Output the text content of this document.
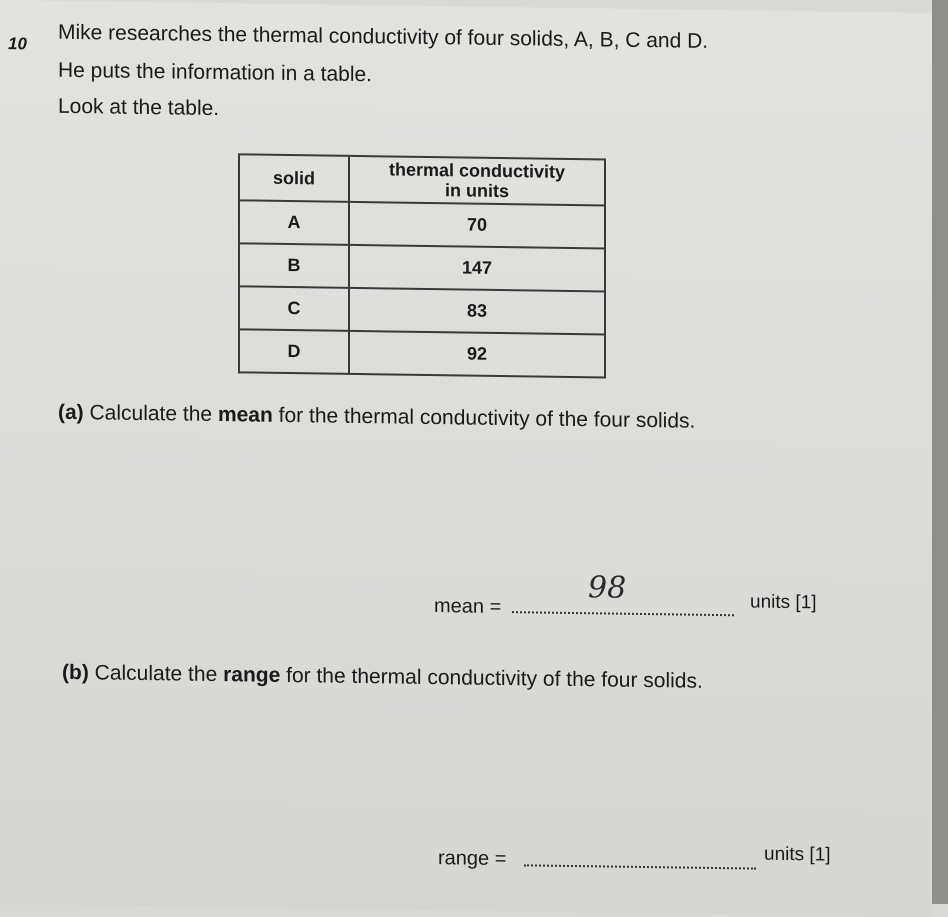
10 Mike researches the thermal conductivity of four solids, A, B, C and D.
He puts the information in a table.
Look at the table.
solid	thermal conductivity
in units
A	70
B	147
C	83
D	92
(a) Calculate the mean for the thermal conductivity of the four solids.
mean =
98	units [1]
(b) Calculate the range for the thermal conductivity of the four solids.
range =	units [1]
